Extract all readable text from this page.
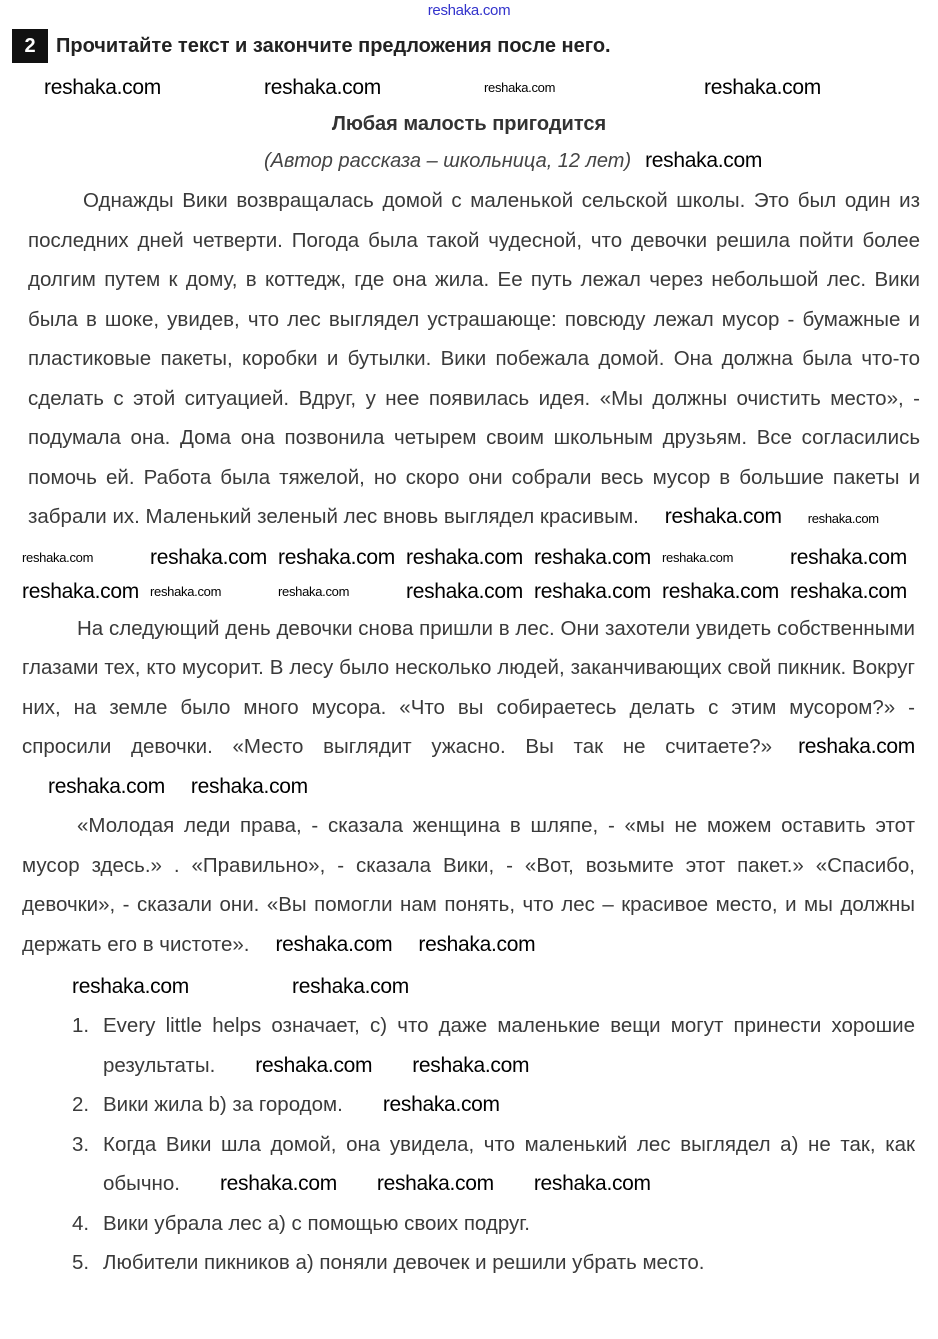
reshaka.com
2	Прочитайте текст и закончите предложения после него.
reshaka.com	reshaka.com	reshaka.com	reshaka.com
Любая малость пригодится
(Автор рассказа – школьница, 12 лет) reshaka.com

Однажды Вики возвращалась домой с маленькой сельской школы. Это был один из последних дней четверти. Погода была такой чудесной, что девочки решила пойти более долгим путем к дому, в коттедж, где она жила. Ее путь лежал через небольшой лес. Вики была в шоке, увидев, что лес выглядел устрашающе: повсюду лежал мусор - бумажные и пластиковые пакеты, коробки и бутылки. Вики побежала домой. Она должна была что-то сделать с этой ситуацией. Вдруг, у нее появилась идея. «Мы должны очистить место», - подумала она. Дома она позвонила четырем своим школьным друзьям. Все согласились помочь ей. Работа была тяжелой, но скоро они собрали весь мусор в большие пакеты и забрали их. Маленький зеленый лес вновь выглядел красивым. reshaka.com reshaka.com

reshaka.com	reshaka.com reshaka.com reshaka.com reshaka.com reshaka.com	reshaka.com
reshaka.com reshaka.com	reshaka.com	reshaka.com reshaka.com reshaka.com reshaka.com

На следующий день девочки снова пришли в лес. Они захотели увидеть собственными глазами тех, кто мусорит. В лесу было несколько людей, заканчивающих свой пикник. Вокруг них, на земле было много мусора. «Что вы собираетесь делать с этим мусором?» - спросили девочки. «Место выглядит ужасно. Вы так не считаете?» reshaka.comreshaka.com reshaka.com

«Молодая леди права, - сказала женщина в шляпе, - «мы не можем оставить этот мусор здесь.» . «Правильно», - сказала Вики, - «Вот, возьмите этот пакет.» «Спасибо, девочки», - сказали они. «Вы помогли нам понять, что лес – красивое место, и мы должны держать его в чистоте». reshaka.com reshaka.com

reshaka.com	reshaka.com
1. Every little helps означает, c) что даже маленькие вещи могут принести хорошие результаты. reshaka.com reshaka.com
2. Вики жила b) за городом. reshaka.com
3. Когда Вики шла домой, она увидела, что маленький лес выглядел a) не так, как обычно. reshaka.com reshaka.com reshaka.com
4. Вики убрала лес a) с помощью своих подруг.
5. Любители пикников a) поняли девочек и решили убрать место.
